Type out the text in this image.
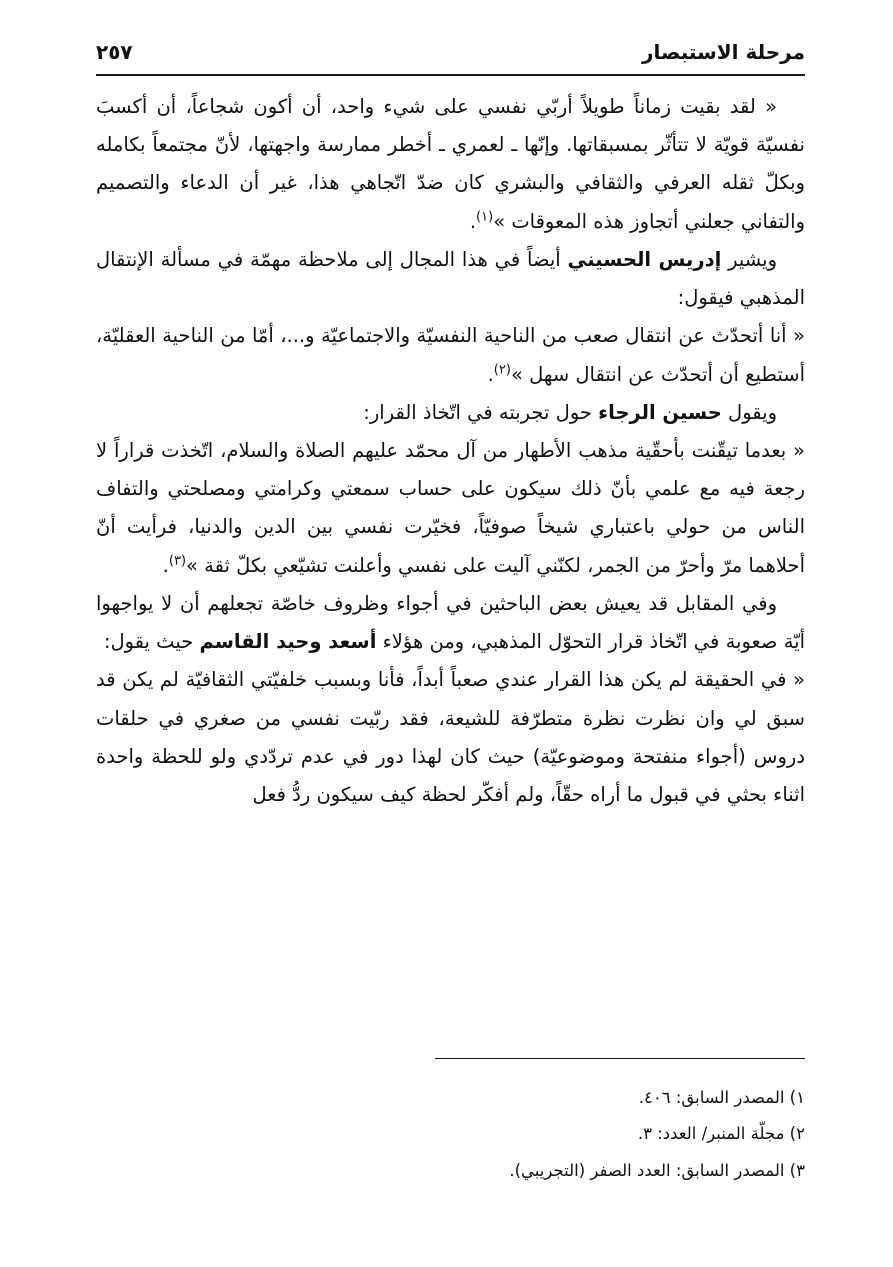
مرحلة الاستبصار
٢٥٧

« لقد بقيت زماناً طويلاً أربّي نفسي على شيء واحد، أن أكون شجاعاً، أن أكسبَ نفسيّة قويّة لا تتأثّر بمسبقاتها. وإنّها ـ لعمري ـ أخطر ممارسة واجهتها، لأنّ مجتمعاً بكامله وبكلّ ثقله العرفي والثقافي والبشري كان ضدّ اتّجاهي هذا، غير أن الدعاء والتصميم والتفاني جعلني أتجاوز هذه المعوقات »$^{(١)}$.

ويشير إدريس الحسيني أيضاً في هذا المجال إلى ملاحظة مهمّة في مسألة الإنتقال المذهبي فيقول:

« أنا أتحدّث عن انتقال صعب من الناحية النفسيّة والاجتماعيّة و...، أمّا من الناحية العقليّة، أستطيع أن أتحدّث عن انتقال سهل »$^{(٢)}$.

ويقول حسين الرجاء حول تجربته في اتّخاذ القرار:

« بعدما تيقّنت بأحقّية مذهب الأطهار من آل محمّد عليهم الصلاة والسلام، اتّخذت قراراً لا رجعة فيه مع علمي بأنّ ذلك سيكون على حساب سمعتي وكرامتي ومصلحتي والتفاف الناس من حولي باعتباري شيخاً صوفيّاً، فخيّرت نفسي بين الدين والدنيا، فرأيت أنّ أحلاهما مرّ وأحرّ من الجمر، لكنّني آليت على نفسي وأعلنت تشيّعي بكلّ ثقة »$^{(٣)}$.

وفي المقابل قد يعيش بعض الباحثين في أجواء وظروف خاصّة تجعلهم أن لا يواجهوا أيّة صعوبة في اتّخاذ قرار التحوّل المذهبي، ومن هؤلاء أسعد وحيد القاسم حيث يقول:

« في الحقيقة لم يكن هذا القرار عندي صعباً أبداً، فأنا وبسبب خلفيّتي الثقافيّة لم يكن قد سبق لي وان نظرت نظرة متطرّفة للشيعة، فقد ربّيت نفسي من صغري في حلقات دروس (أجواء منفتحة وموضوعيّة) حيث كان لهذا دور في عدم تردّدي ولو للحظة واحدة اثناء بحثي في قبول ما أراه حقّاً، ولم أفكّر لحظة كيف سيكون ردُّ فعل

١) المصدر السابق: ٤٠٦.

٢) مجلّة المنبر/ العدد: ٣.

٣) المصدر السابق: العدد الصفر (التجريبي).
